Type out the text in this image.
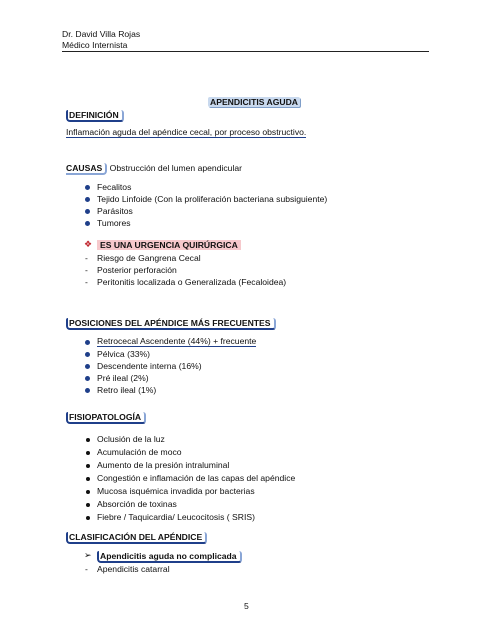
Dr. David Villa Rojas
Médico Internista
APENDICITIS AGUDA
DEFINICIÓN
Inflamación aguda del apéndice cecal, por proceso obstructivo.
CAUSAS Obstrucción del lumen apendicular
Fecalitos
Tejido Linfoide (Con la proliferación bacteriana subsiguiente)
Parásitos
Tumores
❖ ES UNA URGENCIA QUIRÚRGICA
- Riesgo de Gangrena Cecal
- Posterior perforación
- Peritonitis localizada o Generalizada (Fecaloidea)
POSICIONES DEL APÉNDICE MÁS FRECUENTES
Retrocecal Ascendente (44%) + frecuente
Pélvica (33%)
Descendente interna (16%)
Pré ileal (2%)
Retro ileal (1%)
FISIOPATOLOGÍA
Oclusión de la luz
Acumulación de moco
Aumento de la presión intraluminal
Congestión e inflamación de las capas del apéndice
Mucosa isquémica invadida por bacterias
Absorción de toxinas
Fiebre / Taquicardia/ Leucocitosis ( SRIS)
CLASIFICACIÓN DEL APÉNDICE
➢ Apendicitis aguda no complicada
- Apendicitis catarral
5
